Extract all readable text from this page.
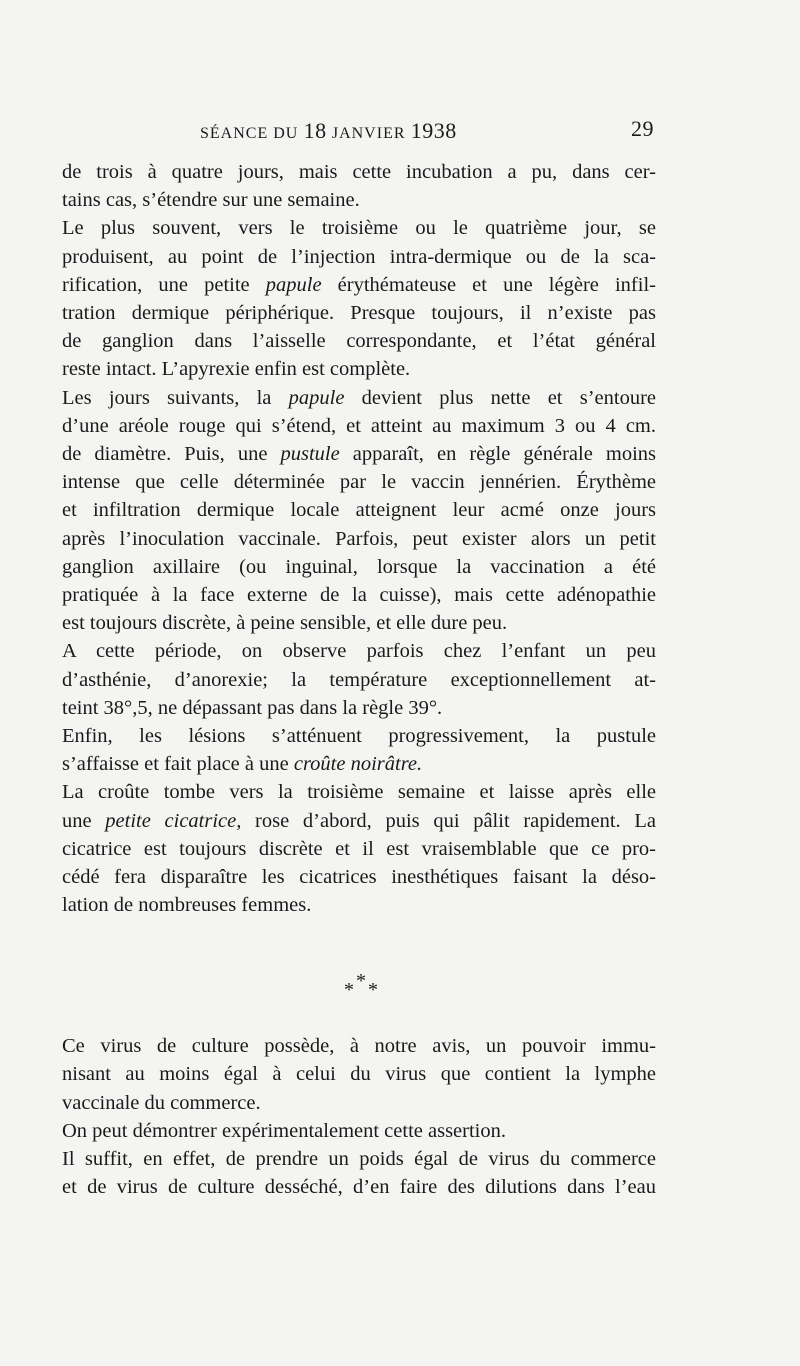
SÉANCE DU 18 JANVIER 1938	29
de trois à quatre jours, mais cette incubation a pu, dans cer-
tains cas, s’étendre sur une semaine.
Le plus souvent, vers le troisième ou le quatrième jour, se
produisent, au point de l’injection intra-dermique ou de la sca-
rification, une petite papule érythémateuse et une légère infil-
tration dermique périphérique. Presque toujours, il n’existe pas
de ganglion dans l’aisselle correspondante, et l’état général
reste intact. L’apyrexie enfin est complète.
Les jours suivants, la papule devient plus nette et s’entoure
d’une aréole rouge qui s’étend, et atteint au maximum 3 ou 4 cm.
de diamètre. Puis, une pustule apparaît, en règle générale moins
intense que celle déterminée par le vaccin jennérien. Érythème
et infiltration dermique locale atteignent leur acmé onze jours
après l’inoculation vaccinale. Parfois, peut exister alors un petit
ganglion axillaire (ou inguinal, lorsque la vaccination a été
pratiquée à la face externe de la cuisse), mais cette adénopathie
est toujours discrète, à peine sensible, et elle dure peu.
A cette période, on observe parfois chez l’enfant un peu
d’asthénie, d’anorexie; la température exceptionnellement at-
teint 38°,5, ne dépassant pas dans la règle 39°.
Enfin, les lésions s’atténuent progressivement, la pustule
s’affaisse et fait place à une croûte noirâtre.
La croûte tombe vers la troisième semaine et laisse après elle
une petite cicatrice, rose d’abord, puis qui pâlit rapidement. La
cicatrice est toujours discrète et il est vraisemblable que ce pro-
cédé fera disparaître les cicatrices inesthétiques faisant la déso-
lation de nombreuses femmes.
*
* *
Ce virus de culture possède, à notre avis, un pouvoir immu-
nisant au moins égal à celui du virus que contient la lymphe
vaccinale du commerce.
On peut démontrer expérimentalement cette assertion.
Il suffit, en effet, de prendre un poids égal de virus du commerce
et de virus de culture desséché, d’en faire des dilutions dans l’eau
